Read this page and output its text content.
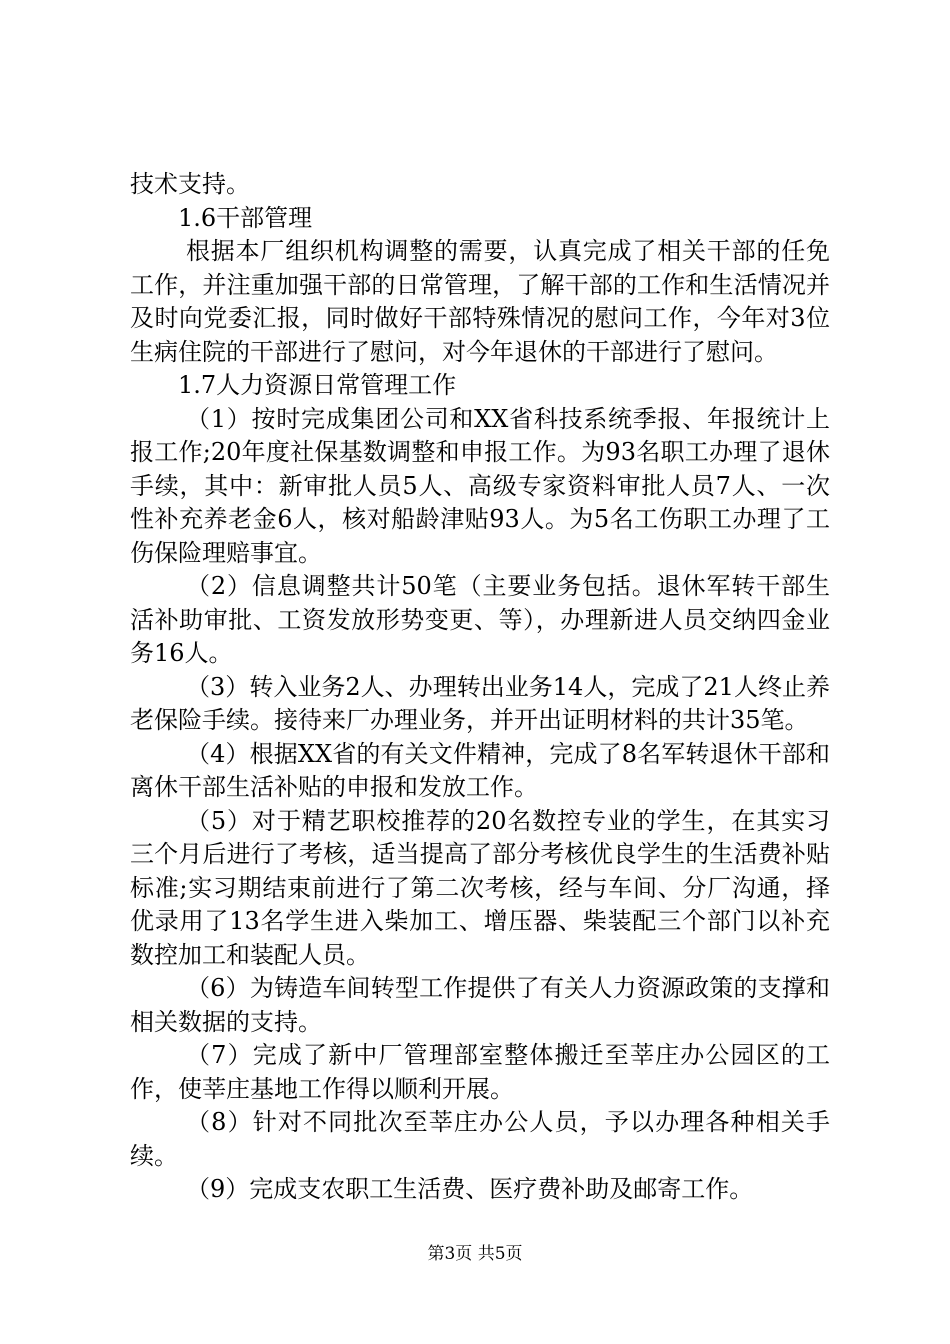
技术支持。

1.6干部管理

根据本厂组织机构调整的需要，认真完成了相关干部的任免工作，并注重加强干部的日常管理，了解干部的工作和生活情况并及时向党委汇报，同时做好干部特殊情况的慰问工作，今年对3位生病住院的干部进行了慰问，对今年退休的干部进行了慰问。

1.7人力资源日常管理工作

（1）按时完成集团公司和XX省科技系统季报、年报统计上报工作;20年度社保基数调整和申报工作。为93名职工办理了退休手续，其中：新审批人员5人、高级专家资料审批人员7人、一次性补充养老金6人，核对船龄津贴93人。为5名工伤职工办理了工伤保险理赔事宜。

（2）信息调整共计50笔（主要业务包括。退休军转干部生活补助审批、工资发放形势变更、等），办理新进人员交纳四金业务16人。

（3）转入业务2人、办理转出业务14人，完成了21人终止养老保险手续。接待来厂办理业务，并开出证明材料的共计35笔。

（4）根据XX省的有关文件精神，完成了8名军转退休干部和离休干部生活补贴的申报和发放工作。

（5）对于精艺职校推荐的20名数控专业的学生，在其实习三个月后进行了考核，适当提高了部分考核优良学生的生活费补贴标准;实习期结束前进行了第二次考核，经与车间、分厂沟通，择优录用了13名学生进入柴加工、增压器、柴装配三个部门以补充数控加工和装配人员。

（6）为铸造车间转型工作提供了有关人力资源政策的支撑和相关数据的支持。

（7）完成了新中厂管理部室整体搬迁至莘庄办公园区的工作，使莘庄基地工作得以顺利开展。

（8）针对不同批次至莘庄办公人员，予以办理各种相关手续。

（9）完成支农职工生活费、医疗费补助及邮寄工作。

第3页 共5页
